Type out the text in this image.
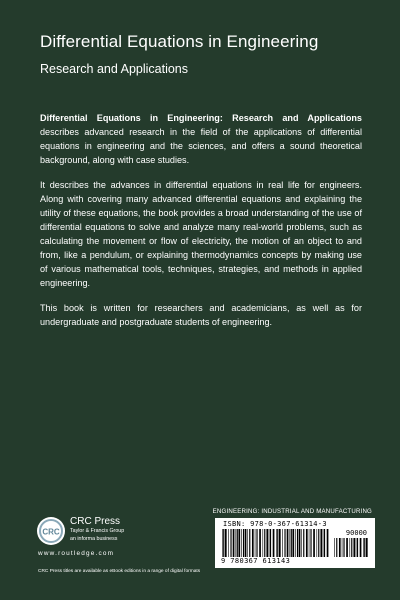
Differential Equations in Engineering
Research and Applications

Differential Equations in Engineering: Research and Applications describes advanced research in the field of the applications of differential equations in engineering and the sciences, and offers a sound theoretical background, along with case studies.

It describes the advances in differential equations in real life for engineers. Along with covering many advanced differential equations and explaining the utility of these equations, the book provides a broad understanding of the use of differential equations to solve and analyze many real-world problems, such as calculating the movement or flow of electricity, the motion of an object to and from, like a pendulum, or explaining thermodynamics concepts by making use of various mathematical tools, techniques, strategies, and methods in applied engineering.

This book is written for researchers and academicians, as well as for undergraduate and postgraduate students of engineering.

CRC
CRC Press
Taylor & Francis Group
an informa business
www.routledge.com
CRC Press titles are available as eBook editions in a range of digital formats
ENGINEERING: INDUSTRIAL AND MANUFACTURING
ISBN: 978-0-367-61314-3
90000
9 780367 613143
